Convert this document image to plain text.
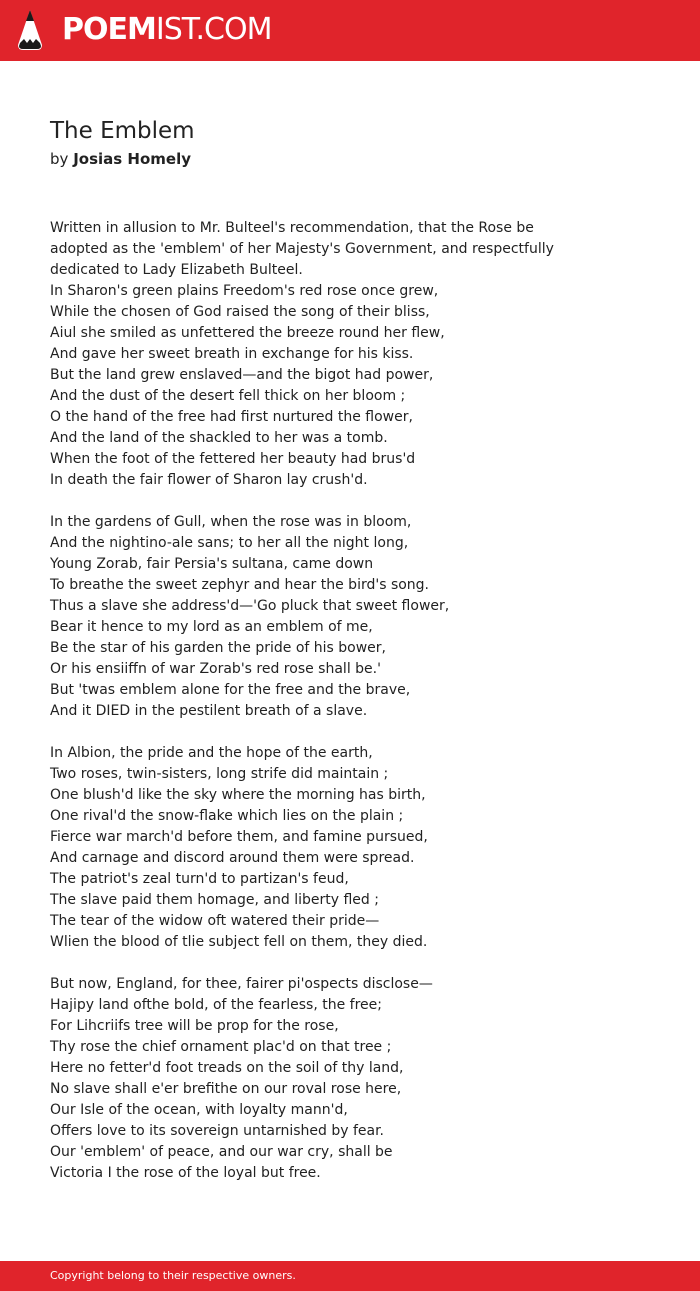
POEMIST.COM
The Emblem
by Josias Homely
Written in allusion to Mr. Bulteel's recommendation, that the Rose be
adopted as the 'emblem' of her Majesty's Government, and respectfully
dedicated to Lady Elizabeth Bulteel.
In Sharon's green plains Freedom's red rose once grew,
While the chosen of God raised the song of their bliss,
Aiul she smiled as unfettered the breeze round her flew,
And gave her sweet breath in exchange for his kiss.
But the land grew enslaved—and the bigot had power,
And the dust of the desert fell thick on her bloom ;
O the hand of the free had first nurtured the flower,
And the land of the shackled to her was a tomb.
When the foot of the fettered her beauty had brus'd
In death the fair flower of Sharon lay crush'd.
In the gardens of Gull, when the rose was in bloom,
And the nightino-ale sans; to her all the night long,
Young Zorab, fair Persia's sultana, came down
To breathe the sweet zephyr and hear the bird's song.
Thus a slave she address'd—'Go pluck that sweet flower,
Bear it hence to my lord as an emblem of me,
Be the star of his garden the pride of his bower,
Or his ensiiffn of war Zorab's red rose shall be.'
But 'twas emblem alone for the free and the brave,
And it DIED in the pestilent breath of a slave.
In Albion, the pride and the hope of the earth,
Two roses, twin-sisters, long strife did maintain ;
One blush'd like the sky where the morning has birth,
One rival'd the snow-flake which lies on the plain ;
Fierce war march'd before them, and famine pursued,
And carnage and discord around them were spread.
The patriot's zeal turn'd to partizan's feud,
The slave paid them homage, and liberty fled ;
The tear of the widow oft watered their pride—
Wlien the blood of tlie subject fell on them, they died.
But now, England, for thee, fairer pi'ospects disclose—
Hajipy land ofthe bold, of the fearless, the free;
For Lihcriifs tree will be prop for the rose,
Thy rose the chief ornament plac'd on that tree ;
Here no fetter'd foot treads on the soil of thy land,
No slave shall e'er brefithe on our roval rose here,
Our Isle of the ocean, with loyalty mann'd,
Offers love to its sovereign untarnished by fear.
Our 'emblem' of peace, and our war cry, shall be
Victoria I the rose of the loyal but free.
Copyright belong to their respective owners.
